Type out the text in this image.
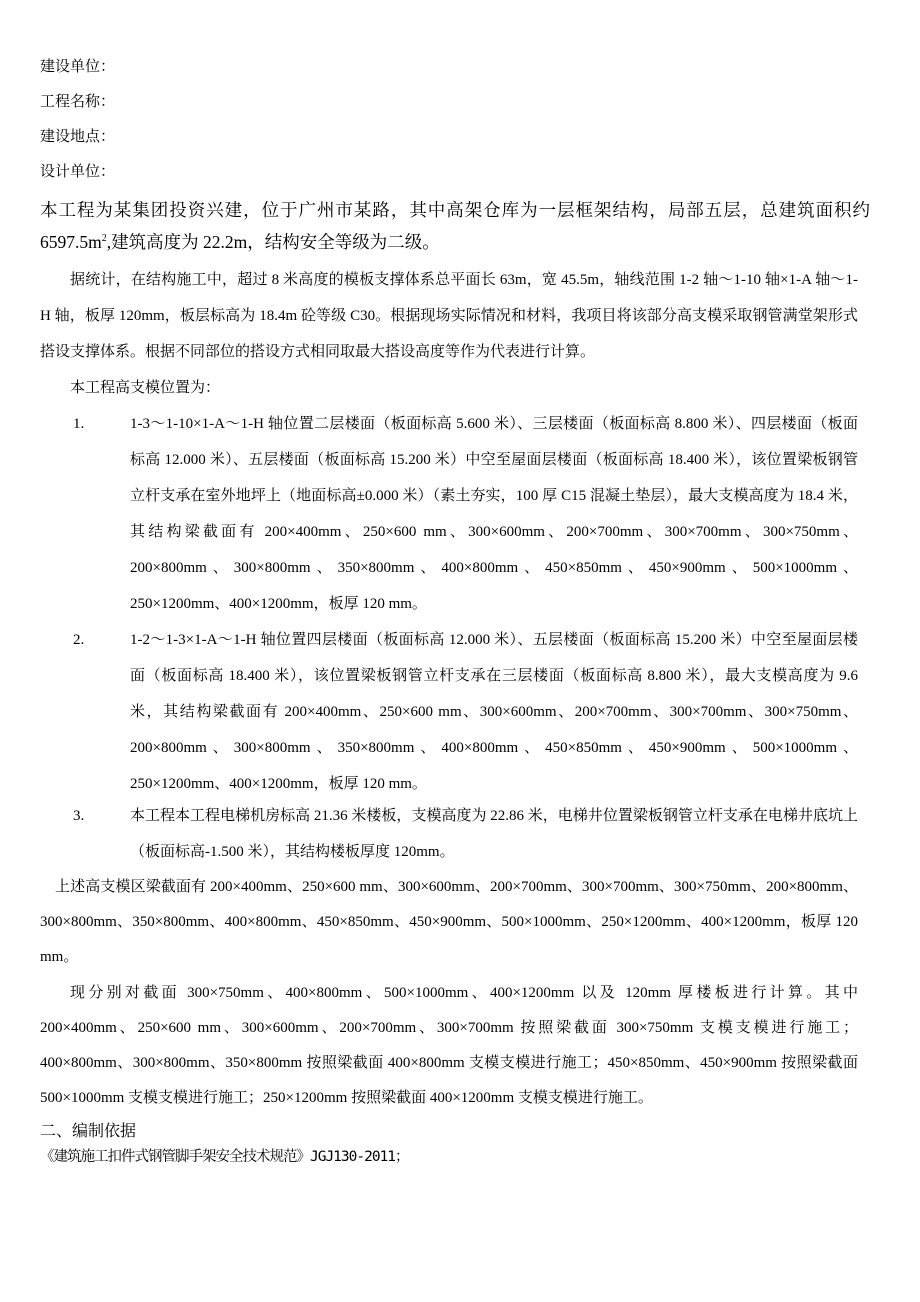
建设单位：
工程名称：
建设地点：
设计单位：
本工程为某集团投资兴建，位于广州市某路，其中高架仓库为一层框架结构，局部五层，总建筑面积约 $6597.5m^2$,建筑高度为 22.2m，结构安全等级为二级。
据统计，在结构施工中，超过 8 米高度的模板支撑体系总平面长 63m，宽 45.5m，轴线范围 1-2 轴～1-10 轴×1-A 轴～1-H 轴，板厚 120mm，板层标高为 18.4m 砼等级 C30。根据现场实际情况和材料，我项目将该部分高支模采取钢管满堂架形式搭设支撑体系。根据不同部位的搭设方式相同取最大搭设高度等作为代表进行计算。
本工程高支模位置为：
1.	1-3～1-10×1-A～1-H 轴位置二层楼面（板面标高 5.600 米）、三层楼面（板面标高 8.800 米）、四层楼面（板面标高 12.000 米）、五层楼面（板面标高 15.200 米）中空至屋面层楼面（板面标高 18.400 米），该位置梁板钢管立杆支承在室外地坪上（地面标高±0.000 米）（素土夯实，100 厚 C15 混凝土垫层），最大支模高度为 18.4 米，其结构梁截面有 200×400mm、250×600 mm、300×600mm、200×700mm、300×700mm、300×750mm、200×800mm、300×800mm、350×800mm、400×800mm、450×850mm、450×900mm、500×1000mm、250×1200mm、400×1200mm，板厚 120 mm。
2.	1-2～1-3×1-A～1-H 轴位置四层楼面（板面标高 12.000 米）、五层楼面（板面标高 15.200 米）中空至屋面层楼面（板面标高 18.400 米），该位置梁板钢管立杆支承在三层楼面（板面标高 8.800 米），最大支模高度为 9.6 米，其结构梁截面有 200×400mm、250×600 mm、300×600mm、200×700mm、300×700mm、300×750mm、200×800mm、300×800mm、350×800mm、400×800mm、450×850mm、450×900mm、500×1000mm、250×1200mm、400×1200mm，板厚 120 mm。
3.	本工程本工程电梯机房标高 21.36 米楼板，支模高度为 22.86 米，电梯井位置梁板钢管立杆支承在电梯井底坑上（板面标高-1.500 米），其结构楼板厚度 120mm。
上述高支模区梁截面有 200×400mm、250×600 mm、300×600mm、200×700mm、300×700mm、300×750mm、200×800mm、300×800mm、350×800mm、400×800mm、450×850mm、450×900mm、500×1000mm、250×1200mm、400×1200mm，板厚 120 mm。
现分别对截面 300×750mm、400×800mm、500×1000mm、400×1200mm 以及 120mm 厚楼板进行计算。其中 200×400mm、250×600 mm、300×600mm、200×700mm、300×700mm 按照梁截面 300×750mm 支模支模进行施工；400×800mm、300×800mm、350×800mm 按照梁截面 400×800mm 支模支模进行施工；450×850mm、450×900mm 按照梁截面 500×1000mm 支模支模进行施工；250×1200mm 按照梁截面 400×1200mm 支模支模进行施工。
二、编制依据
《建筑施工扣件式钢管脚手架安全技术规范》JGJ130-2011；
